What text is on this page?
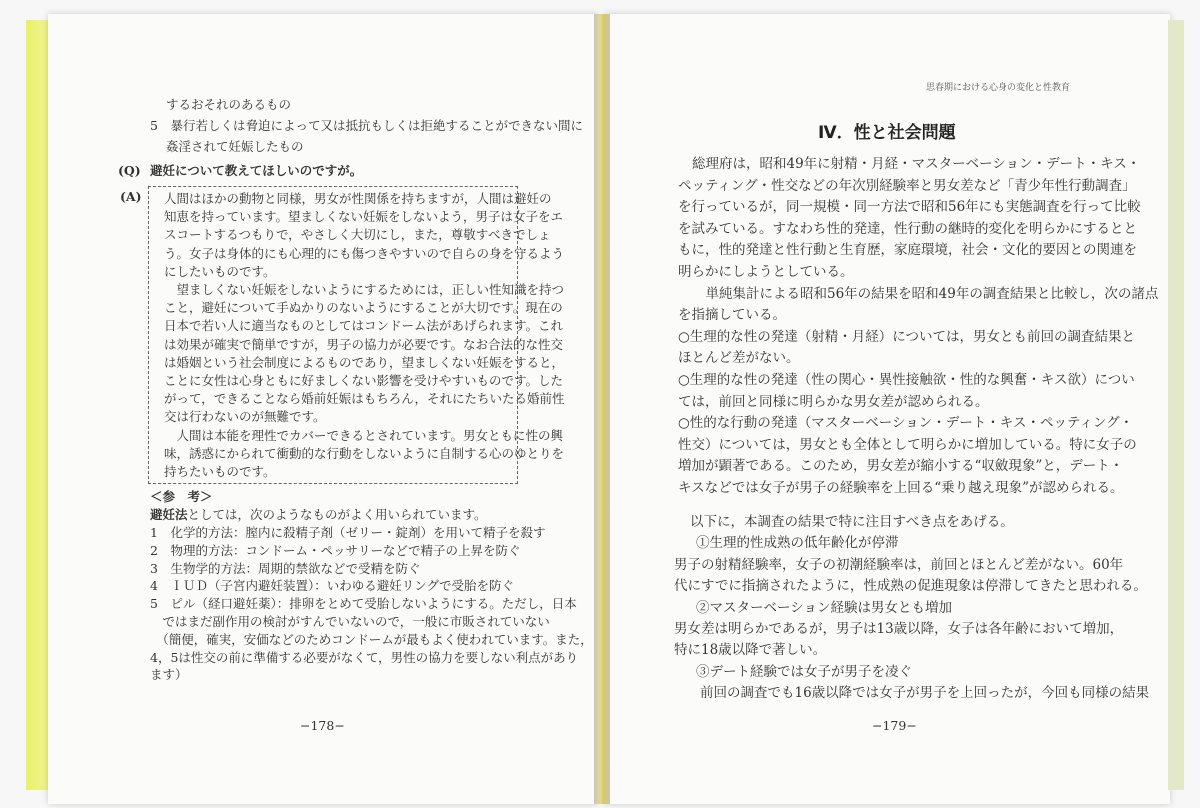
するおそれのあるもの
5　暴行若しくは脅迫によって又は抵抗もしくは拒絶することができない間に
姦淫されて妊娠したもの
(Q) 避妊について教えてほしいのですが。
(A) 人間はほかの動物と同様，男女が性関係を持ちますが，人間は避妊の
知恵を持っています。望ましくない妊娠をしないよう，男子は女子をエ
スコートするつもりで，やさしく大切にし，また，尊敬すべきでしょ
う。女子は身体的にも心理的にも傷つきやすいので自らの身を守るよう
にしたいものです。
　望ましくない妊娠をしないようにするためには，正しい性知識を持つ
こと，避妊について手ぬかりのないようにすることが大切です。現在の
日本で若い人に適当なものとしてはコンドーム法があげられます。これ
は効果が確実で簡単ですが，男子の協力が必要です。なお合法的な性交
は婚姻という社会制度によるものであり，望ましくない妊娠をすると，
ことに女性は心身ともに好ましくない影響を受けやすいものです。した
がって，できることなら婚前妊娠はもちろん，それにたちいたる婚前性
交は行わないのが無難です。
　人間は本能を理性でカバーできるとされています。男女ともに性の興
味，誘惑にかられて衝動的な行動をしないように自制する心のゆとりを
持ちたいものです。
＜参　考＞
避妊法としては，次のようなものがよく用いられています。
1　化学的方法：膣内に殺精子剤（ゼリー・錠剤）を用いて精子を殺す
2　物理的方法：コンドーム・ペッサリーなどで精子の上昇を防ぐ
3　生物学的方法：周期的禁欲などで受精を防ぐ
4　ＩＵＤ（子宮内避妊装置）：いわゆる避妊リングで受胎を防ぐ
5　ピル（経口避妊薬）：排卵をとめて受胎しないようにする。ただし，日本
　ではまだ副作用の検討がすんでいないので，一般に市販されていない
　（簡便，確実，安価などのためコンドームが最もよく使われています。また，
4，5は性交の前に準備する必要がなくて，男性の協力を要しない利点があり
ます）
−178−
思春期における心身の変化と性教育
Ⅳ．性と社会問題
総理府は，昭和49年に射精・月経・マスターベーション・デート・キス・
ペッティング・性交などの年次別経験率と男女差など「青少年性行動調査」
を行っているが，同一規模・同一方法で昭和56年にも実態調査を行って比較
を試みている。すなわち性的発達，性行動の継時的変化を明らかにするとと
もに，性的発達と性行動と生育歴，家庭環境，社会・文化的要因との関連を
明らかにしようとしている。
　単純集計による昭和56年の結果を昭和49年の調査結果と比較し，次の諸点
を指摘している。
○生理的な性の発達（射精・月経）については，男女とも前回の調査結果と
ほとんど差がない。
○生理的な性の発達（性の関心・異性接触欲・性的な興奮・キス欲）につい
ては，前回と同様に明らかな男女差が認められる。
○性的な行動の発達（マスターベーション・デート・キス・ペッティング・
性交）については，男女とも全体として明らかに増加している。特に女子の
増加が顕著である。このため，男女差が縮小する“収斂現象”と，デート・
キスなどでは女子が男子の経験率を上回る“乗り越え現象”が認められる。
以下に，本調査の結果で特に注目すべき点をあげる。
①生理的性成熟の低年齢化が停滞
男子の射精経験率，女子の初潮経験率は，前回とほとんど差がない。60年
代にすでに指摘されたように，性成熟の促進現象は停滞してきたと思われる。
②マスターベーション経験は男女とも増加
男女差は明らかであるが，男子は13歳以降，女子は各年齢において増加，
特に18歳以降で著しい。
③デート経験では女子が男子を凌ぐ
前回の調査でも16歳以降では女子が男子を上回ったが，今回も同様の結果
−179−
